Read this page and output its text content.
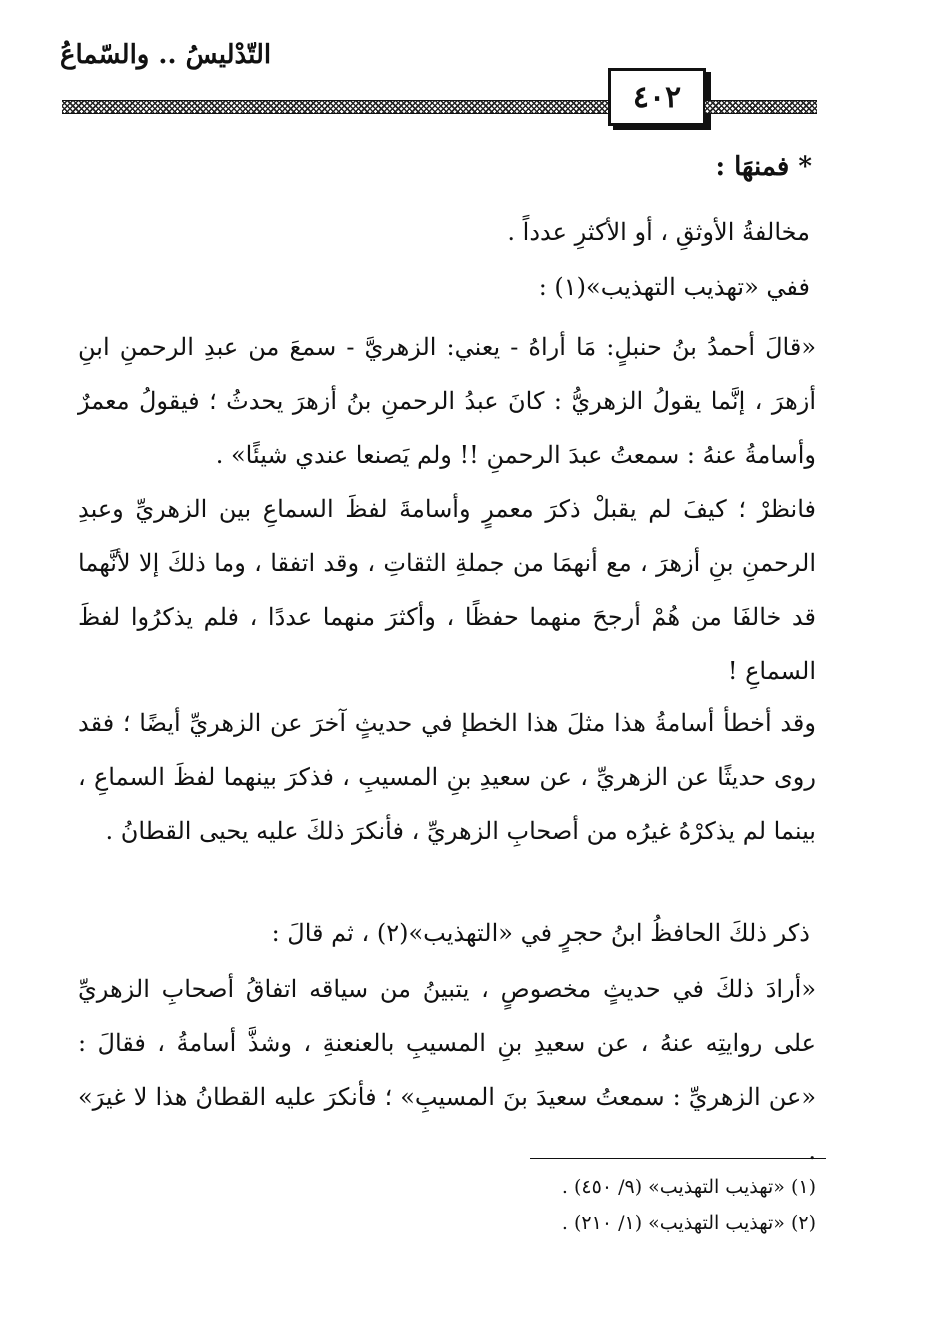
التّدْليسُ .. والسّماعُ
٤٠٢
* فمنهَا :
مخالفةُ الأوثقِ ، أو الأكثرِ عدداً .
ففي «تهذيب التهذيب»(١) :
«قالَ أحمدُ بنُ حنبلٍ: مَا أراهُ - يعني: الزهريَّ - سمعَ من عبدِ الرحمنِ ابنِ أزهرَ ، إنَّما يقولُ الزهريُّ : كانَ عبدُ الرحمنِ بنُ أزهرَ يحدثُ ؛ فيقولُ معمرٌ وأسامةُ عنهُ : سمعتُ عبدَ الرحمنِ !! ولم يَصنعا عندي شيئًا» .
فانظرْ ؛ كيفَ لم يقبلْ ذكرَ معمرٍ وأسامةَ لفظَ السماعِ بين الزهريِّ وعبدِ الرحمنِ بنِ أزهرَ ، مع أنهمَا من جملةِ الثقاتِ ، وقد اتفقا ، وما ذلكَ إلا لأنَّهما قد خالفَا من هُمْ أرجحَ منهما حفظًا ، وأكثرَ منهما عددًا ، فلم يذكرُوا لفظَ السماعِ !
وقد أخطأ أسامةُ هذا مثلَ هذا الخطإ في حديثٍ آخرَ عن الزهريِّ أيضًا ؛ فقد روى حديثًا عن الزهريِّ ، عن سعيدِ بنِ المسيبِ ، فذكرَ بينهما لفظَ السماعِ ، بينما لم يذكرْهُ غيرُه من أصحابِ الزهريِّ ، فأنكرَ ذلكَ عليه يحيى القطانُ .
ذكر ذلكَ الحافظُ ابنُ حجرٍ في «التهذيب»(٢) ، ثم قالَ :
«أرادَ ذلكَ في حديثٍ مخصوصٍ ، يتبينُ من سياقه اتفاقُ أصحابِ الزهريِّ على روايتِه عنهُ ، عن سعيدِ بنِ المسيبِ بالعنعنةِ ، وشذَّ أسامةُ ، فقالَ : «عن الزهريِّ : سمعتُ سعيدَ بنَ المسيبِ» ؛ فأنكرَ عليه القطانُ هذا لا غيرَ» .
(١) «تهذيب التهذيب» (٩/ ٤٥٠) .
(٢) «تهذيب التهذيب» (١/ ٢١٠) .
